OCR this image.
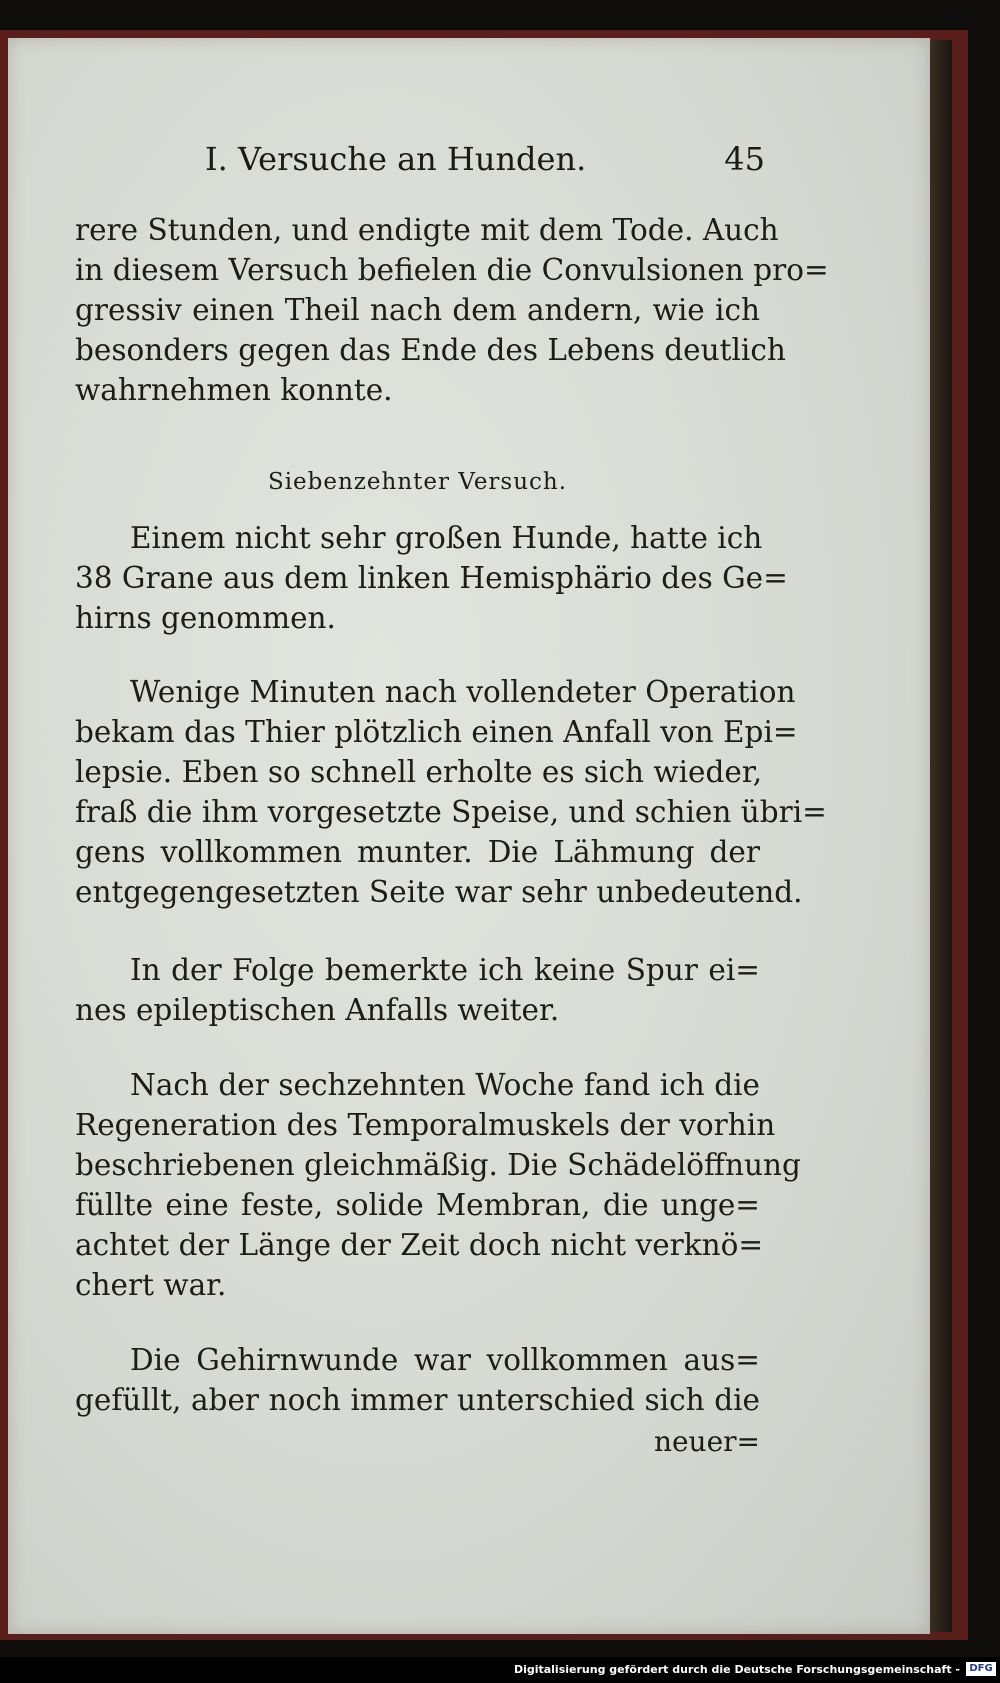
I. Versuche an Hunden.	45
rere Stunden, und endigte mit dem Tode. Auch
in diesem Versuch befielen die Convulsionen pro=
gressiv einen Theil nach dem andern, wie ich
besonders gegen das Ende des Lebens deutlich
wahrnehmen konnte.
Siebenzehnter Versuch.
Einem nicht sehr großen Hunde, hatte ich
38 Grane aus dem linken Hemisphärio des Ge=
hirns genommen.
Wenige Minuten nach vollendeter Operation
bekam das Thier plötzlich einen Anfall von Epi=
lepsie. Eben so schnell erholte es sich wieder,
fraß die ihm vorgesetzte Speise, und schien übri=
gens vollkommen munter. Die Lähmung der
entgegengesetzten Seite war sehr unbedeutend.
In der Folge bemerkte ich keine Spur ei=
nes epileptischen Anfalls weiter.
Nach der sechzehnten Woche fand ich die
Regeneration des Temporalmuskels der vorhin
beschriebenen gleichmäßig. Die Schädelöffnung
füllte eine feste, solide Membran, die unge=
achtet der Länge der Zeit doch nicht verknö=
chert war.
Die Gehirnwunde war vollkommen aus=
gefüllt, aber noch immer unterschied sich die
neuer=
Digitalisierung gefördert durch die Deutsche Forschungsgemeinschaft - DFG
